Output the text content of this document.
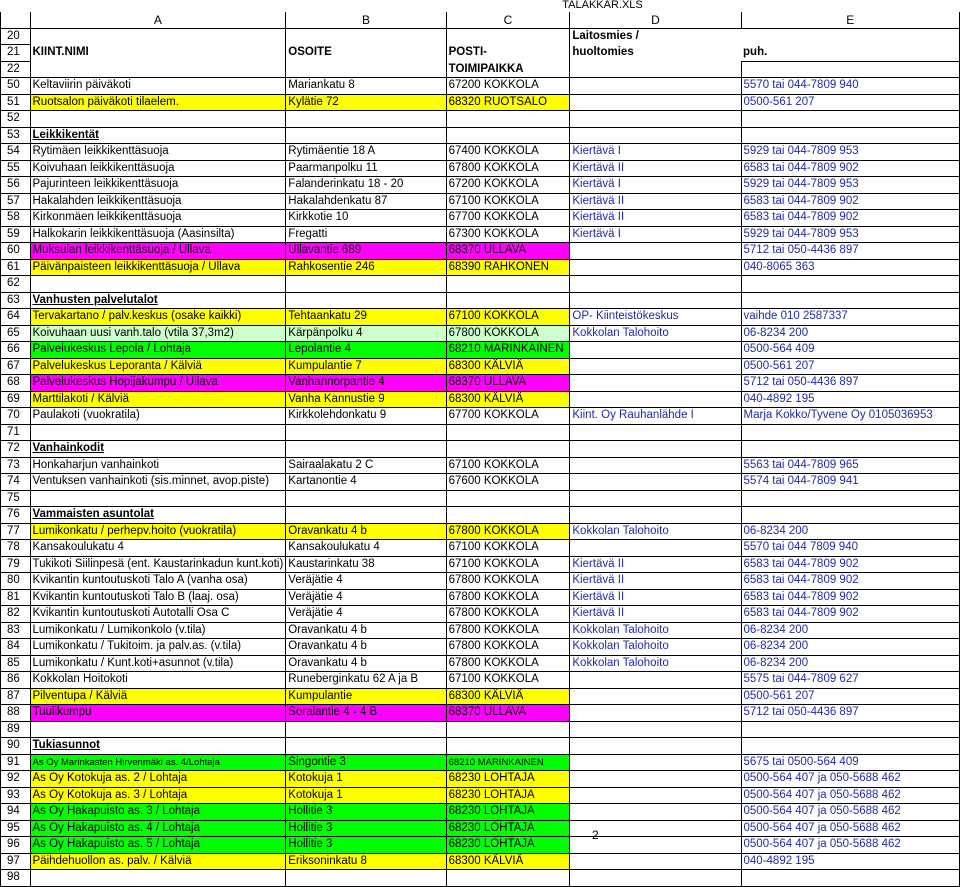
TALAKKAR.XLS
	A	B	C	D	E
20				Laitosmies /	
21	KIINT.NIMI	OSOITE	POSTI-	huoltomies	puh.
22			TOIMIPAIKKA		
50	Keltaviirin päiväkoti	Mariankatu 8	67200 KOKKOLA		5570 tai 044-7809 940
51	Ruotsalon päiväkoti tilaelem.	Kylätie 72	68320 RUOTSALO		0500-561 207
52					
53	Leikkikentät				
54	Rytimäen leikkikenttäsuoja	Rytimäentie 18 A	67400 KOKKOLA	Kiertävä I	5929 tai 044-7809 953
55	Koivuhaan leikkikenttäsuoja	Paarmanpolku 11	67800 KOKKOLA	Kiertävä II	6583 tai 044-7809 902
56	Pajurinteen leikkikenttäsuoja	Falanderinkatu 18 - 20	67200 KOKKOLA	Kiertävä I	5929 tai 044-7809 953
57	Hakalahden leikkikenttäsuoja	Hakalahdenkatu 87	67100 KOKKOLA	Kiertävä II	6583 tai 044-7809 902
58	Kirkonmäen leikkikenttäsuoja	Kirkkotie 10	67700 KOKKOLA	Kiertävä II	6583 tai 044-7809 902
59	Halkokarin leikkikenttäsuoja (Aasinsilta)	Fregatti	67300 KOKKOLA	Kiertävä I	5929 tai 044-7809 953
60	Muksulan leikkikenttäsuoja / Ullava	Ullavantie 689	68370 ULLAVA		5712 tai 050-4436 897
61	Päivänpaisteen leikkikenttäsuoja / Ullava	Rahkosentie 246	68390 RAHKONEN		040-8065 363
62					
63	Vanhusten palvelutalot				
64	Tervakartano / palv.keskus (osake kaikki)	Tehtaankatu 29	67100 KOKKOLA	OP- Kiinteistökeskus	vaihde 010 2587337
65	Koivuhaan uusi vanh.talo (vtila 37,3m2)	Kärpänpolku 4	67800 KOKKOLA	Kokkolan Talohoito	06-8234 200
66	Palvelukeskus Lepola / Lohtaja	Lepolantie 4	68210 MARINKAINEN		0500-564 409
67	Palvelukeskus Leporanta / Kälviä	Kumpulantie 7	68300 KÄLVIÄ		0500-561 207
68	Palvelukeskus Hopijakumpu / Ullava	Vanhannorpantie 4	68370 ULLAVA		5712 tai 050-4436 897
69	Marttilakoti / Kälviä	Vanha Kannustie 9	68300 KÄLVIÄ		040-4892 195
70	Paulakoti (vuokratila)	Kirkkolehdonkatu 9	67700 KOKKOLA	Kiint. Oy Rauhanlähde I	Marja Kokko/Tyvene Oy 0105036953
71					
72	Vanhainkodit				
73	Honkaharjun vanhainkoti	Sairaalakatu 2 C	67100 KOKKOLA		5563 tai 044-7809 965
74	Ventuksen vanhainkoti (sis.minnet, avop.piste)	Kartanontie 4	67600 KOKKOLA		5574 tai 044-7809 941
75					
76	Vammaisten asuntolat				
77	Lumikonkatu / perhepv.hoito (vuokratila)	Oravankatu 4 b	67800 KOKKOLA	Kokkolan Talohoito	06-8234 200
78	Kansakoulukatu 4	Kansakoulukatu 4	67100 KOKKOLA		5570 tai 044 7809 940
79	Tukikoti Siilinpesä (ent. Kaustarinkadun kunt.koti)	Kaustarinkatu 38	67100 KOKKOLA	Kiertävä II	6583 tai 044-7809 902
80	Kvikantin kuntoutuskoti Talo A (vanha osa)	Veräjätie 4	67800 KOKKOLA	Kiertävä II	6583 tai 044-7809 902
81	Kvikantin kuntoutuskoti Talo B (laaj. osa)	Veräjätie 4	67800 KOKKOLA	Kiertävä II	6583 tai 044-7809 902
82	Kvikantin kuntoutuskoti Autotalli Osa C	Veräjätie 4	67800 KOKKOLA	Kiertävä II	6583 tai 044-7809 902
83	Lumikonkatu / Lumikonkolo (v.tila)	Oravankatu 4 b	67800 KOKKOLA	Kokkolan Talohoito	06-8234 200
84	Lumikonkatu / Tukitoim. ja palv.as. (v.tila)	Oravankatu 4 b	67800 KOKKOLA	Kokkolan Talohoito	06-8234 200
85	Lumikonkatu / Kunt.koti+asunnot (v.tila)	Oravankatu 4 b	67800 KOKKOLA	Kokkolan Talohoito	06-8234 200
86	Kokkolan Hoitokoti	Runeberginkatu 62 A ja B	67100 KOKKOLA		5575 tai 044-7809 627
87	Pilventupa / Kälviä	Kumpulantie	68300 KÄLVIÄ		0500-561 207
88	Tuulikumpu	Soralantie 4 - 4 B	68370 ULLAVA		5712 tai 050-4436 897
89					
90	Tukiasunnot				
91	As Oy Marinkasten Hirvenmäki as. 4/Lohtaja	Singontie 3	68210 MARINKAINEN		5675 tai 0500-564 409
92	As Oy Kotokuja as. 2 / Lohtaja	Kotokuja 1	68230 LOHTAJA		0500-564 407 ja 050-5688 462
93	As Oy Kotokuja as. 3 / Lohtaja	Kotokuja 1	68230 LOHTAJA		0500-564 407 ja 050-5688 462
94	As Oy Hakapuisto as. 3 / Lohtaja	Hollitie 3	68230 LOHTAJA		0500-564 407 ja 050-5688 462
95	As Oy Hakapuisto as. 4 / Lohtaja	Hollitie 3	68230 LOHTAJA		0500-564 407 ja 050-5688 462
96	As Oy Hakapuisto as. 5 / Lohtaja	Hollitie 3	68230 LOHTAJA		0500-564 407 ja 050-5688 462
97	Päihdehuollon as. palv. / Kälviä	Eriksoninkatu 8	68300 KÄLVIÄ		040-4892 195
98					
2
